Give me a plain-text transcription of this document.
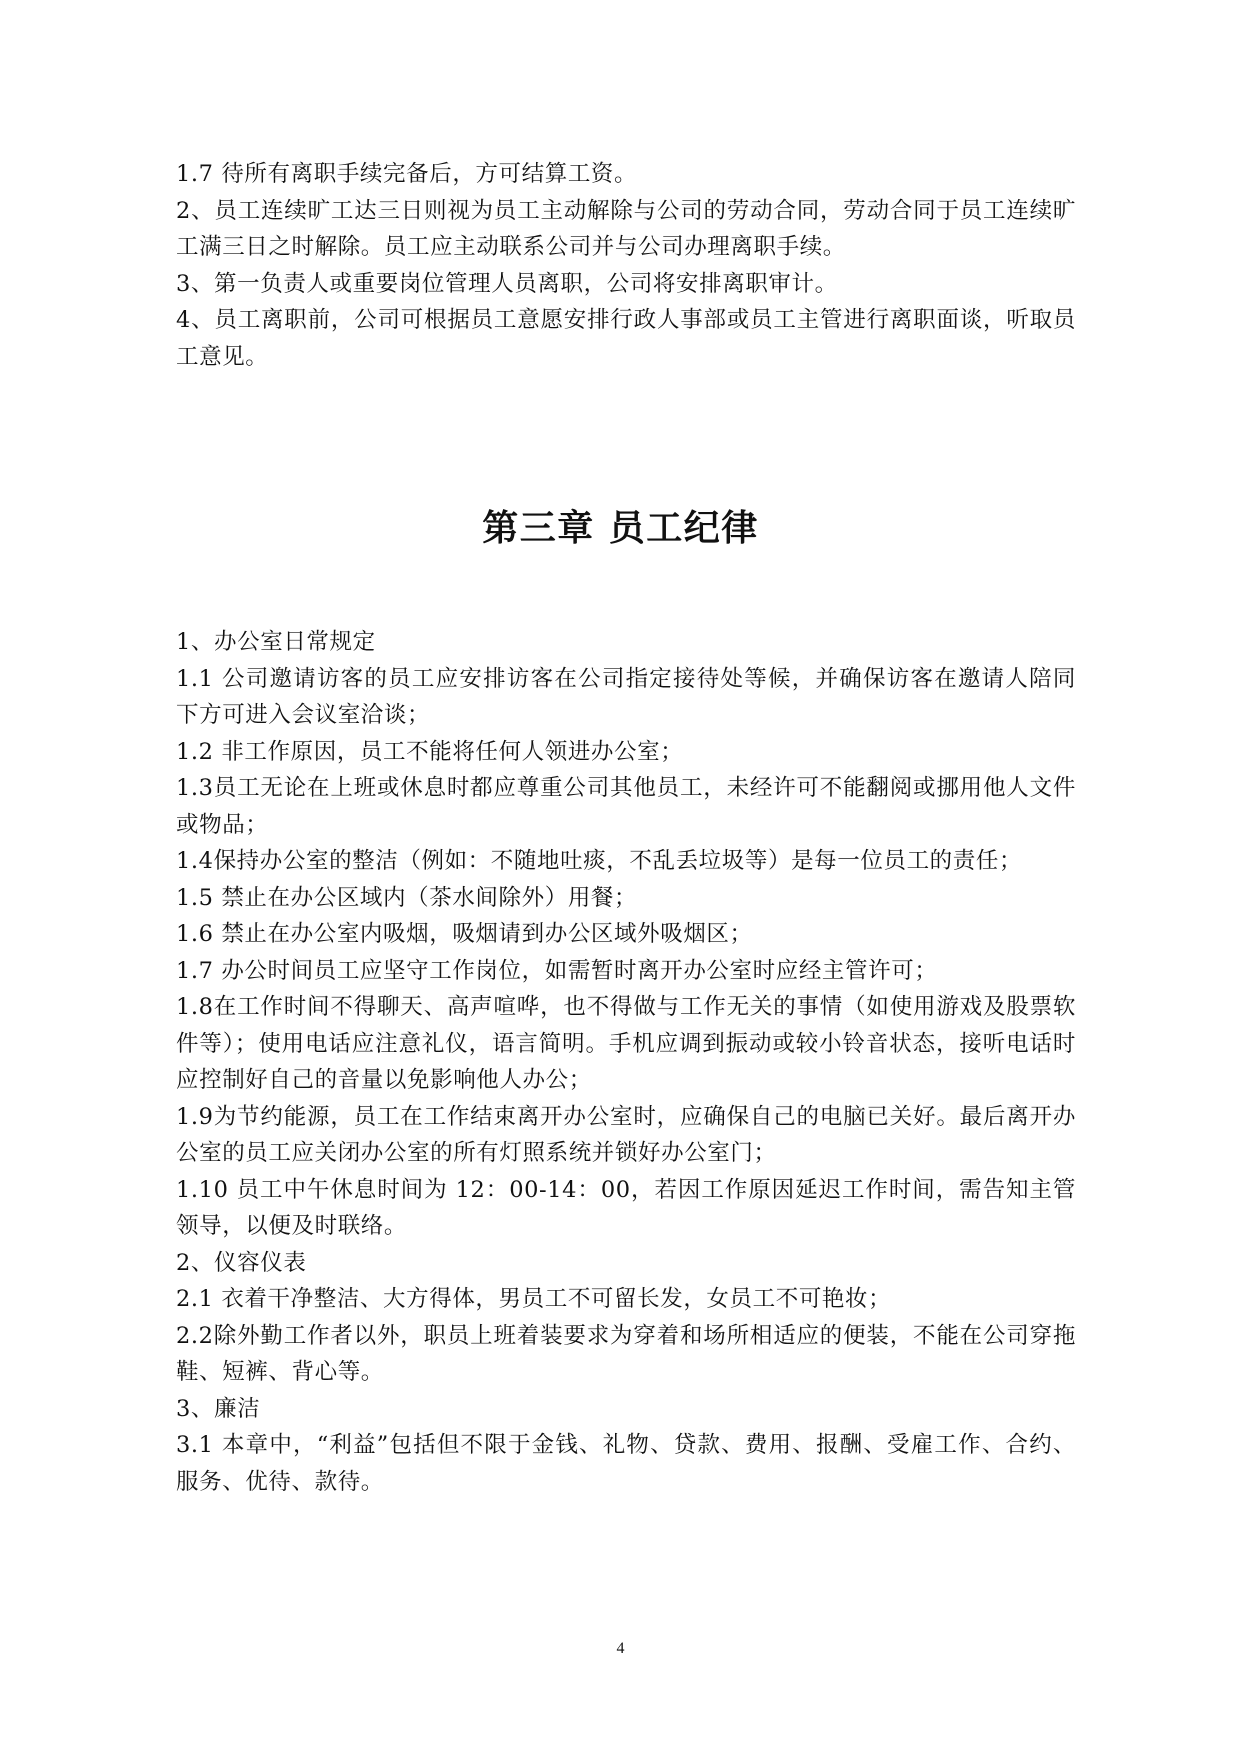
1.7 待所有离职手续完备后，方可结算工资。

2、员工连续旷工达三日则视为员工主动解除与公司的劳动合同，劳动合同于员工连续旷工满三日之时解除。员工应主动联系公司并与公司办理离职手续。

3、第一负责人或重要岗位管理人员离职，公司将安排离职审计。

4、员工离职前，公司可根据员工意愿安排行政人事部或员工主管进行离职面谈，听取员工意见。

第三章 员工纪律

1、办公室日常规定

1.1 公司邀请访客的员工应安排访客在公司指定接待处等候，并确保访客在邀请人陪同下方可进入会议室洽谈；

1.2 非工作原因，员工不能将任何人领进办公室；

1.3员工无论在上班或休息时都应尊重公司其他员工，未经许可不能翻阅或挪用他人文件或物品；

1.4保持办公室的整洁（例如：不随地吐痰，不乱丢垃圾等）是每一位员工的责任；

1.5 禁止在办公区域内（茶水间除外）用餐；

1.6 禁止在办公室内吸烟，吸烟请到办公区域外吸烟区；

1.7 办公时间员工应坚守工作岗位，如需暂时离开办公室时应经主管许可；

1.8在工作时间不得聊天、高声喧哗，也不得做与工作无关的事情（如使用游戏及股票软件等）；使用电话应注意礼仪，语言简明。手机应调到振动或较小铃音状态，接听电话时应控制好自己的音量以免影响他人办公；

1.9为节约能源，员工在工作结束离开办公室时，应确保自己的电脑已关好。最后离开办公室的员工应关闭办公室的所有灯照系统并锁好办公室门；

1.10 员工中午休息时间为 12：00-14：00，若因工作原因延迟工作时间，需告知主管领导，以便及时联络。

2、仪容仪表

2.1 衣着干净整洁、大方得体，男员工不可留长发，女员工不可艳妆；

2.2除外勤工作者以外，职员上班着装要求为穿着和场所相适应的便装，不能在公司穿拖鞋、短裤、背心等。

3、廉洁

3.1 本章中，“利益”包括但不限于金钱、礼物、贷款、费用、报酬、受雇工作、合约、服务、优待、款待。

4
